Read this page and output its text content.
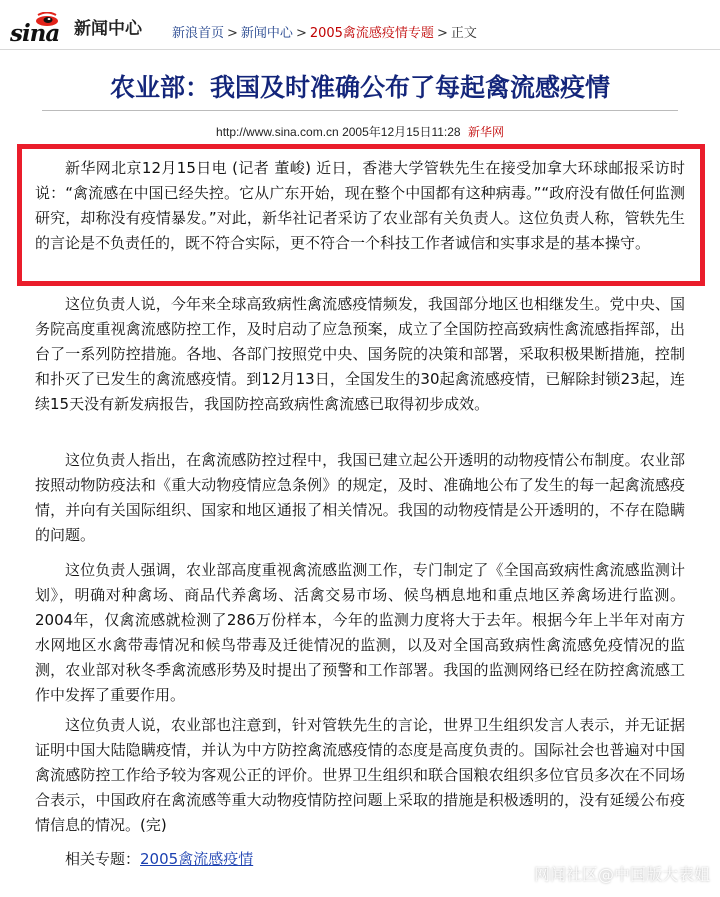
sina 新闻中心 新浪首页 > 新闻中心 > 2005禽流感疫情专题 > 正文
农业部：我国及时准确公布了每起禽流感疫情
http://www.sina.com.cn 2005年12月15日11:28 新华网

新华网北京12月15日电 (记者 董峻) 近日，香港大学管轶先生在接受加拿大环球邮报采访时说：“禽流感在中国已经失控。它从广东开始，现在整个中国都有这种病毒。”“政府没有做任何监测研究，却称没有疫情暴发。”对此，新华社记者采访了农业部有关负责人。这位负责人称，管轶先生的言论是不负责任的，既不符合实际，更不符合一个科技工作者诚信和实事求是的基本操守。

这位负责人说，今年来全球高致病性禽流感疫情频发，我国部分地区也相继发生。党中央、国务院高度重视禽流感防控工作，及时启动了应急预案，成立了全国防控高致病性禽流感指挥部，出台了一系列防控措施。各地、各部门按照党中央、国务院的决策和部署，采取积极果断措施，控制和扑灭了已发生的禽流感疫情。到12月13日，全国发生的30起禽流感疫情，已解除封锁23起，连续15天没有新发病报告，我国防控高致病性禽流感已取得初步成效。

这位负责人指出，在禽流感防控过程中，我国已建立起公开透明的动物疫情公布制度。农业部按照动物防疫法和《重大动物疫情应急条例》的规定，及时、准确地公布了发生的每一起禽流感疫情，并向有关国际组织、国家和地区通报了相关情况。我国的动物疫情是公开透明的，不存在隐瞒的问题。

这位负责人强调，农业部高度重视禽流感监测工作，专门制定了《全国高致病性禽流感监测计划》，明确对种禽场、商品代养禽场、活禽交易市场、候鸟栖息地和重点地区养禽场进行监测。2004年，仅禽流感就检测了286万份样本，今年的监测力度将大于去年。根据今年上半年对南方水网地区水禽带毒情况和候鸟带毒及迁徙情况的监测，以及对全国高致病性禽流感免疫情况的监测，农业部对秋冬季禽流感形势及时提出了预警和工作部署。我国的监测网络已经在防控禽流感工作中发挥了重要作用。

这位负责人说，农业部也注意到，针对管轶先生的言论，世界卫生组织发言人表示，并无证据证明中国大陆隐瞒疫情，并认为中方防控禽流感疫情的态度是高度负责的。国际社会也普遍对中国禽流感防控工作给予较为客观公正的评价。世界卫生组织和联合国粮农组织多位官员多次在不同场合表示，中国政府在禽流感等重大动物疫情防控问题上采取的措施是积极透明的，没有延缓公布疫情信息的情况。(完)

相关专题：2005禽流感疫情
网闻社区@中国版大表姐
